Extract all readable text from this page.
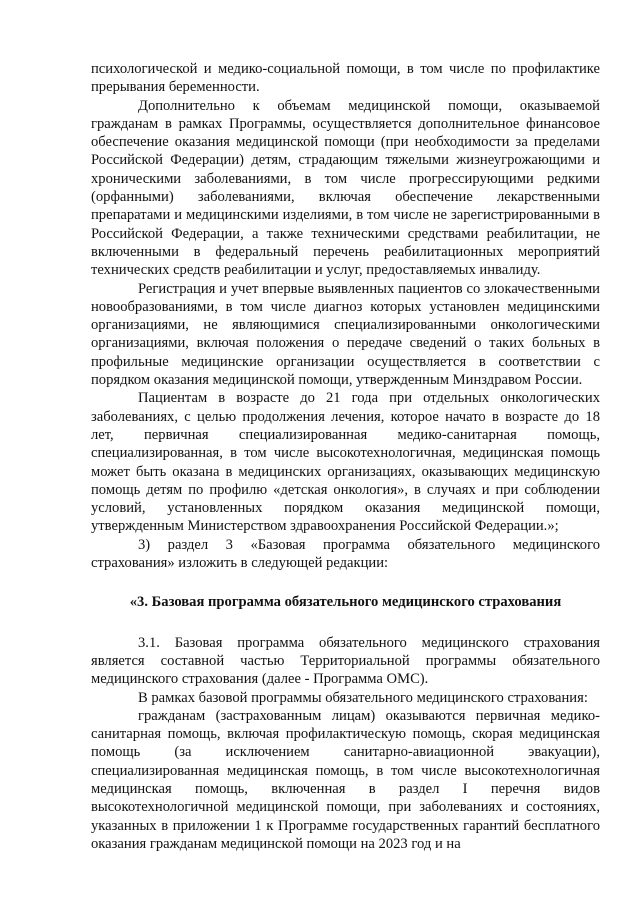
психологической и медико-социальной помощи, в том числе по профилактике прерывания беременности.

Дополнительно к объемам медицинской помощи, оказываемой гражданам в рамках Программы, осуществляется дополнительное финансовое обеспечение оказания медицинской помощи (при необходимости за пределами Российской Федерации) детям, страдающим тяжелыми жизнеугрожающими и хроническими заболеваниями, в том числе прогрессирующими редкими (орфанными) заболеваниями, включая обеспечение лекарственными препаратами и медицинскими изделиями, в том числе не зарегистрированными в Российской Федерации, а также техническими средствами реабилитации, не включенными в федеральный перечень реабилитационных мероприятий технических средств реабилитации и услуг, предоставляемых инвалиду.

Регистрация и учет впервые выявленных пациентов со злокачественными новообразованиями, в том числе диагноз которых установлен медицинскими организациями, не являющимися специализированными онкологическими организациями, включая положения о передаче сведений о таких больных в профильные медицинские организации осуществляется в соответствии с порядком оказания медицинской помощи, утвержденным Минздравом России.

Пациентам в возрасте до 21 года при отдельных онкологических заболеваниях, с целью продолжения лечения, которое начато в возрасте до 18 лет, первичная специализированная медико-санитарная помощь, специализированная, в том числе высокотехнологичная, медицинская помощь может быть оказана в медицинских организациях, оказывающих медицинскую помощь детям по профилю «детская онкология», в случаях и при соблюдении условий, установленных порядком оказания медицинской помощи, утвержденным Министерством здравоохранения Российской Федерации.»;

3) раздел 3 «Базовая программа обязательного медицинского страхования» изложить в следующей редакции:

«3. Базовая программа обязательного медицинского страхования

3.1. Базовая программа обязательного медицинского страхования является составной частью Территориальной программы обязательного медицинского страхования (далее - Программа ОМС).

В рамках базовой программы обязательного медицинского страхования:

гражданам (застрахованным лицам) оказываются первичная медико-санитарная помощь, включая профилактическую помощь, скорая медицинская помощь (за исключением санитарно-авиационной эвакуации), специализированная медицинская помощь, в том числе высокотехнологичная медицинская помощь, включенная в раздел I перечня видов высокотехнологичной медицинской помощи, при заболеваниях и состояниях, указанных в приложении 1 к Программе государственных гарантий бесплатного оказания гражданам медицинской помощи на 2023 год и на
